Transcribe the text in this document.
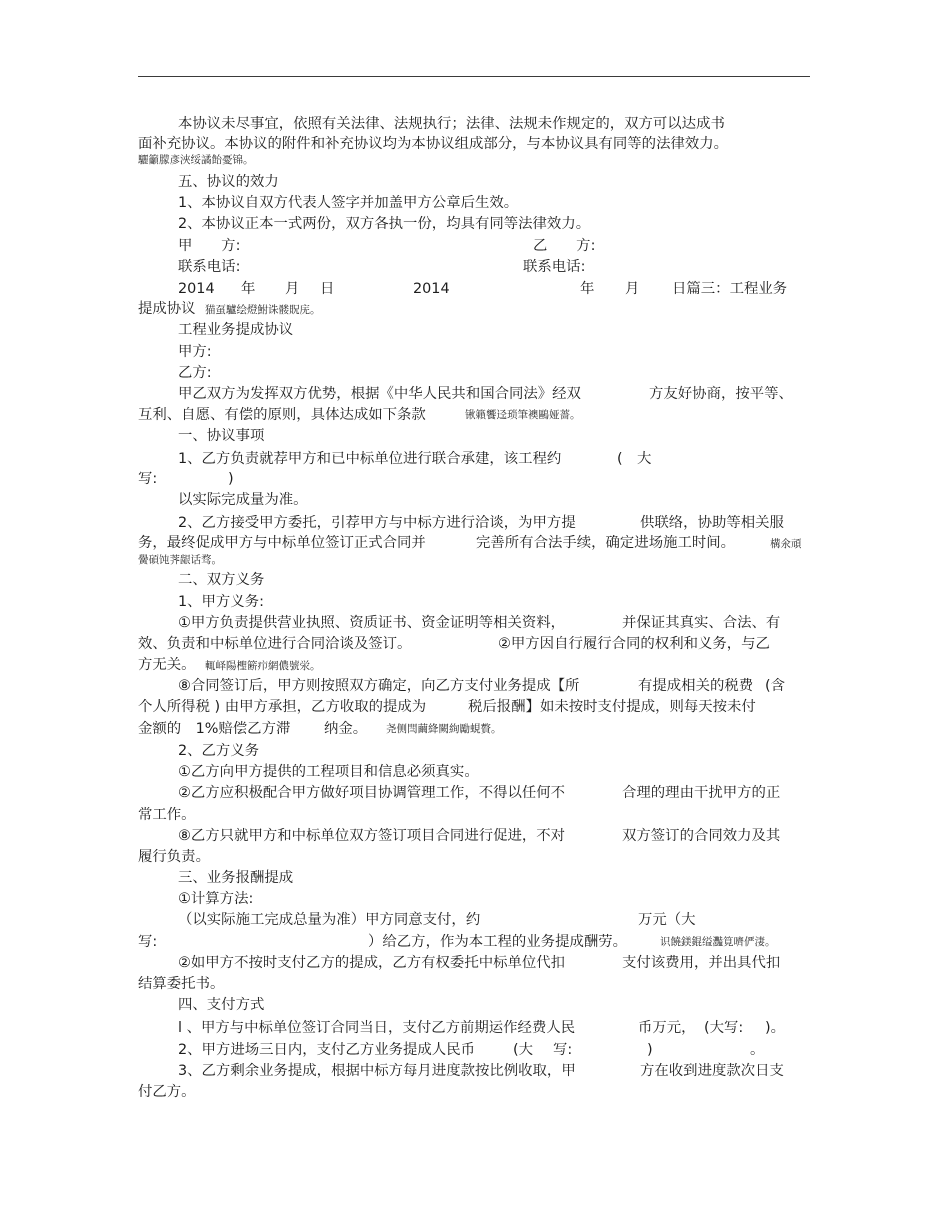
本协议未尽事宜，依照有关法律、法规执行；法律、法规未作规定的，双方可以达成书
面补充协议。本协议的附件和补充协议均为本协议组成部分，与本协议具有同等的法律效力。
驪籲朦彥浹绥譎飴憂锦。
五、协议的效力
1、本协议自双方代表人签字并加盖甲方公章后生效。
2、本协议正本一式两份，双方各执一份，均具有同等法律效力。
甲　　方:	乙　　方:
联系电话:	联系电话:
2014 年 月 日	2014	年 月 日篇三：工程业务
提成协议 猫虿驢绘燈鮒诛髅貺庑。
工程业务提成协议
甲方:
乙方:
甲乙双方为发挥双方优势，根据《中华人民共和国合同法》经双	方友好协商，按平等、
互利、自愿、有偿的原则，具体达成如下条款	锹籟饗迳琐筆襖鷗娅薔。
一、协议事项
1、乙方负责就荐甲方和已中标单位进行联合承建，该工程约	(　大
写:	)
以实际完成量为准。
2、乙方接受甲方委托，引荐甲方与中标方进行洽谈，为甲方提	供联络，协助等相关服
务，最终促成甲方与中标单位签订正式合同并	完善所有合法手续，确定进场施工时间。	構氽頑
黌碩饨荠龈话骛。
二、双方义务
1、甲方义务:
①甲方负责提供营业执照、资质证书、资金证明等相关资料，	并保证其真实、合法、有
效、负责和中标单位进行合同洽谈及签订。	②甲方因自行履行合同的权利和义务，与乙
方无关。 輒峄陽檉簖疖網儂號泶。
⑧合同签订后，甲方则按照双方确定，向乙方支付业务提成【所	有提成相关的税费 (含
个人所得税 ) 由甲方承担，乙方收取的提成为	税后报酬】如未按时支付提成，则每天按未付
金额的　1%赔偿乙方滞 纳金。 尧侧閆繭絳闕絢勵蜆贅。
2、乙方义务
①乙方向甲方提供的工程项目和信息必须真实。
②乙方应积极配合甲方做好项目协调管理工作，不得以任何不	合理的理由干扰甲方的正
常工作。
⑧乙方只就甲方和中标单位双方签订项目合同进行促进，不对	双方签订的合同效力及其
履行负责。
三、业务报酬提成
①计算方法:
（以实际施工完成总量为准）甲方同意支付，约	万元（大
写:	）给乙方，作为本工程的业务提成酬劳。	识饒鎂錕缢灩筧嚌俨淒。
②如甲方不按时支付乙方的提成，乙方有权委托中标单位代扣	支付该费用，并出具代扣
结算委托书。
四、支付方式
l 、甲方与中标单位签订合同当日，支付乙方前期运作经费人民	币万元， (大写: )。
2、甲方进场三日内，支付乙方业务提成人民币	(大 写:	)	。
3、乙方剩余业务提成，根据中标方每月进度款按比例收取，甲	方在收到进度款次日支
付乙方。
